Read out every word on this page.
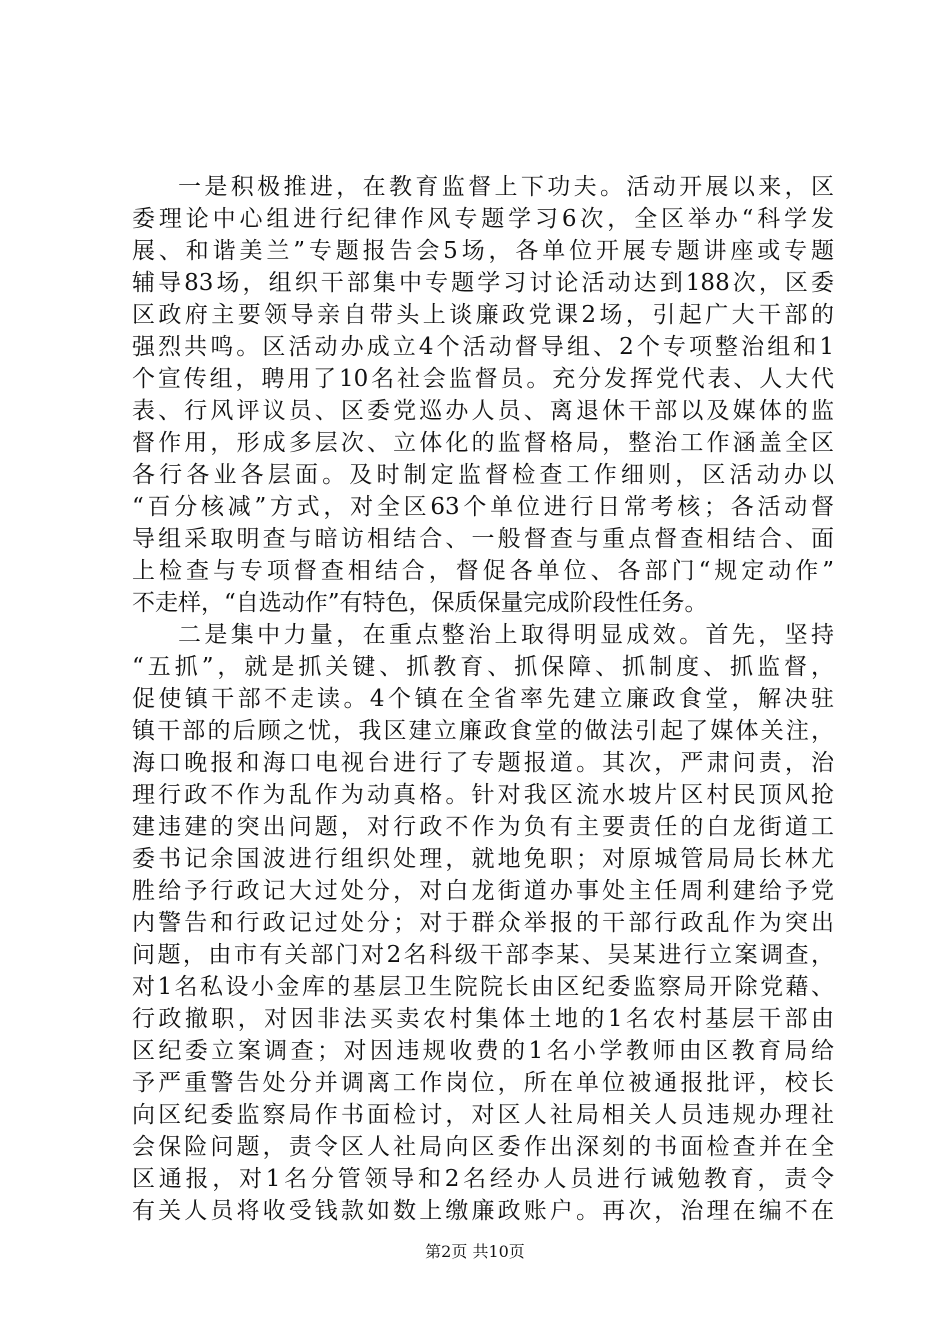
一是积极推进，在教育监督上下功夫。活动开展以来，区
委理论中心组进行纪律作风专题学习6次，全区举办“科学发
展、和谐美兰”专题报告会5场，各单位开展专题讲座或专题
辅导83场，组织干部集中专题学习讨论活动达到188次，区委
区政府主要领导亲自带头上谈廉政党课2场，引起广大干部的
强烈共鸣。区活动办成立4个活动督导组、2个专项整治组和1
个宣传组，聘用了10名社会监督员。充分发挥党代表、人大代
表、行风评议员、区委党巡办人员、离退休干部以及媒体的监
督作用，形成多层次、立体化的监督格局，整治工作涵盖全区
各行各业各层面。及时制定监督检查工作细则，区活动办以
“百分核减”方式，对全区63个单位进行日常考核；各活动督
导组采取明查与暗访相结合、一般督查与重点督查相结合、面
上检查与专项督查相结合，督促各单位、各部门“规定动作”
不走样，“自选动作”有特色，保质保量完成阶段性任务。
二是集中力量，在重点整治上取得明显成效。首先，坚持
“五抓”，就是抓关键、抓教育、抓保障、抓制度、抓监督，
促使镇干部不走读。4个镇在全省率先建立廉政食堂，解决驻
镇干部的后顾之忧，我区建立廉政食堂的做法引起了媒体关注，
海口晚报和海口电视台进行了专题报道。其次，严肃问责，治
理行政不作为乱作为动真格。针对我区流水坡片区村民顶风抢
建违建的突出问题，对行政不作为负有主要责任的白龙街道工
委书记余国波进行组织处理，就地免职；对原城管局局长林尤
胜给予行政记大过处分，对白龙街道办事处主任周利建给予党
内警告和行政记过处分；对于群众举报的干部行政乱作为突出
问题，由市有关部门对2名科级干部李某、吴某进行立案调查，
对1名私设小金库的基层卫生院院长由区纪委监察局开除党藉、
行政撤职，对因非法买卖农村集体土地的1名农村基层干部由
区纪委立案调查；对因违规收费的1名小学教师由区教育局给
予严重警告处分并调离工作岗位，所在单位被通报批评，校长
向区纪委监察局作书面检讨，对区人社局相关人员违规办理社
会保险问题，责令区人社局向区委作出深刻的书面检查并在全
区通报，对1名分管领导和2名经办人员进行诫勉教育，责令
有关人员将收受钱款如数上缴廉政账户。再次，治理在编不在
第2页 共10页
